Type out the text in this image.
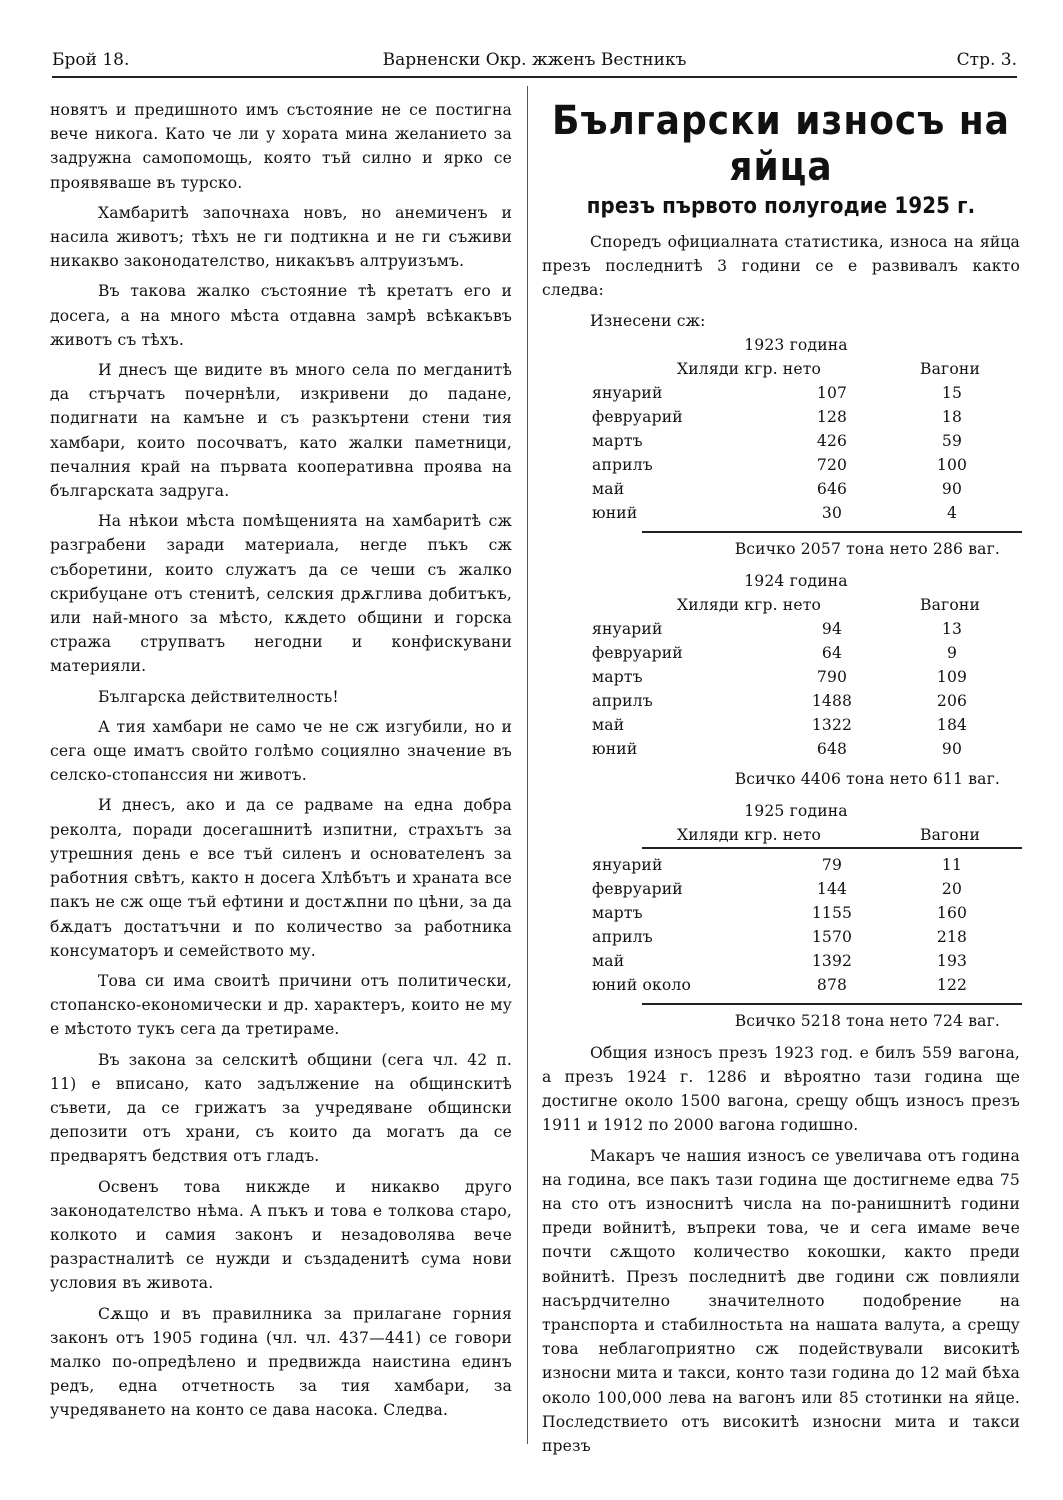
Брой 18.	Варненски Окр. жженъ Вестникъ	Стр. 3.

новятъ и предишното имъ състояние не се постигна вече никога. Като че ли у хората мина желанието за задружна самопомощь, която тъй силно и ярко се проявяваше въ турско.

Хамбаритѣ започнаха новъ, но анемиченъ и насила животъ; тѣхъ не ги подтикна и не ги съживи никакво законодателство, никакъвъ алтруизъмъ.

Въ такова жалко състояние тѣ кретатъ его и досега, а на много мѣста отдавна замрѣ всѣкакъвъ животъ съ тѣхъ.

И днесъ ще видите въ много села по мегданитѣ да стърчатъ почернѣли, изкривени до падане, подигнати на камъне и съ разкъртени стени тия хамбари, които посочватъ, като жалки паметници, печалния край на първата кооперативна проява на българската задруга.

На нѣкои мѣста помѣщенията на хамбаритѣ сж разграбени заради материала, негде пъкъ сж съборетини, които служатъ да се чеши съ жалко скрибуцане отъ стенитѣ, селския дрѫглива добитъкъ, или най-много за мѣсто, кѫдето общини и горска стража струпватъ негодни и конфискувани материяли.

Българска действителность!

А тия хамбари не само че не сж изгубили, но и сега още иматъ свойто голѣмо социялно значение въ селско-стопанссия ни животъ.

И днесъ, ако и да се радваме на една добра реколта, поради досегашнитѣ изпитни, страхътъ за утрешния день е все тъй силенъ и основателенъ за работния свѣтъ, както н досега Хлѣбътъ и храната все пакъ не сж още тъй ефтини и достѫпни по цѣни, за да бѫдатъ достатъчни и по количество за работника консуматоръ и семейството му.

Това си има своитѣ причини отъ политически, стопанско-економически и др. характеръ, които не му е мѣстото тукъ сега да третираме.

Въ закона за селскитѣ общини (сега чл. 42 п. 11) е вписано, като задължение на общинскитѣ съвети, да се грижатъ за учредяване общински депозити отъ храни, съ които да могатъ да се предварятъ бедствия отъ гладъ.

Освенъ това никжде и никакво друго законодателство нѣма. А пъкъ и това е толкова старо, колкото и самия законъ и незадоволява вече разрастналитѣ се нужди и създаденитѣ сума нови условия въ живота.

Сѫщо и въ правилника за прилагане горния законъ отъ 1905 година (чл. чл. 437—441) се говори малко по-опредѣлено и предвижда наистина единъ редъ, една отчетность за тия хамбари, за учредяването на конто се дава насока. Следва.

Български износъ на яйца
презъ първото полугодие 1925 г.

Споредъ официалната статистика, износа на яйца презъ последнитѣ 3 години се е развивалъ както следва:

Изнесени сж:

1923 година
Хиляди кгр. нето	Вагони
януарий	107	15
февруарий	128	18
мартъ	426	59
априлъ	720	100
май	646	90
юний	30	4
Всичко 2057 тона нето 286 ваг.
1924 година
Хиляди кгр. нето	Вагони
януарий	94	13
февруарий	64	9
мартъ	790	109
априлъ	1488	206
май	1322	184
юний	648	90
Всичко 4406 тона нето 611 ваг.
1925 година
Хиляди кгр. нето	Вагони
януарий	79	11
февруарий	144	20
мартъ	1155	160
априлъ	1570	218
май	1392	193
юний около	878	122
Всичко 5218 тона нето 724 ваг.

Общия износъ презъ 1923 год. е билъ 559 вагона, а презъ 1924 г. 1286 и вѣроятно тази година ще достигне около 1500 вагона, срещу общъ износъ презъ 1911 и 1912 по 2000 вагона годишно.

Макаръ че нашия износъ се увеличава отъ година на година, все пакъ тази година ще достигнеме едва 75 на сто отъ износнитѣ числа на по-ранишнитѣ години преди войнитѣ, въпреки това, че и сега имаме вече почти сѫщото количество кокошки, както преди войнитѣ. Презъ последнитѣ две години сж повлияли насърдчително значителното подобрение на транспорта и стабилностьта на нашата валута, а срещу това неблагоприятно сж подействували високитѣ износни мита и такси, конто тази година до 12 май бѣха около 100,000 лева на вагонъ или 85 стотинки на яйце. Последствието отъ високитѣ износни мита и такси презъ
